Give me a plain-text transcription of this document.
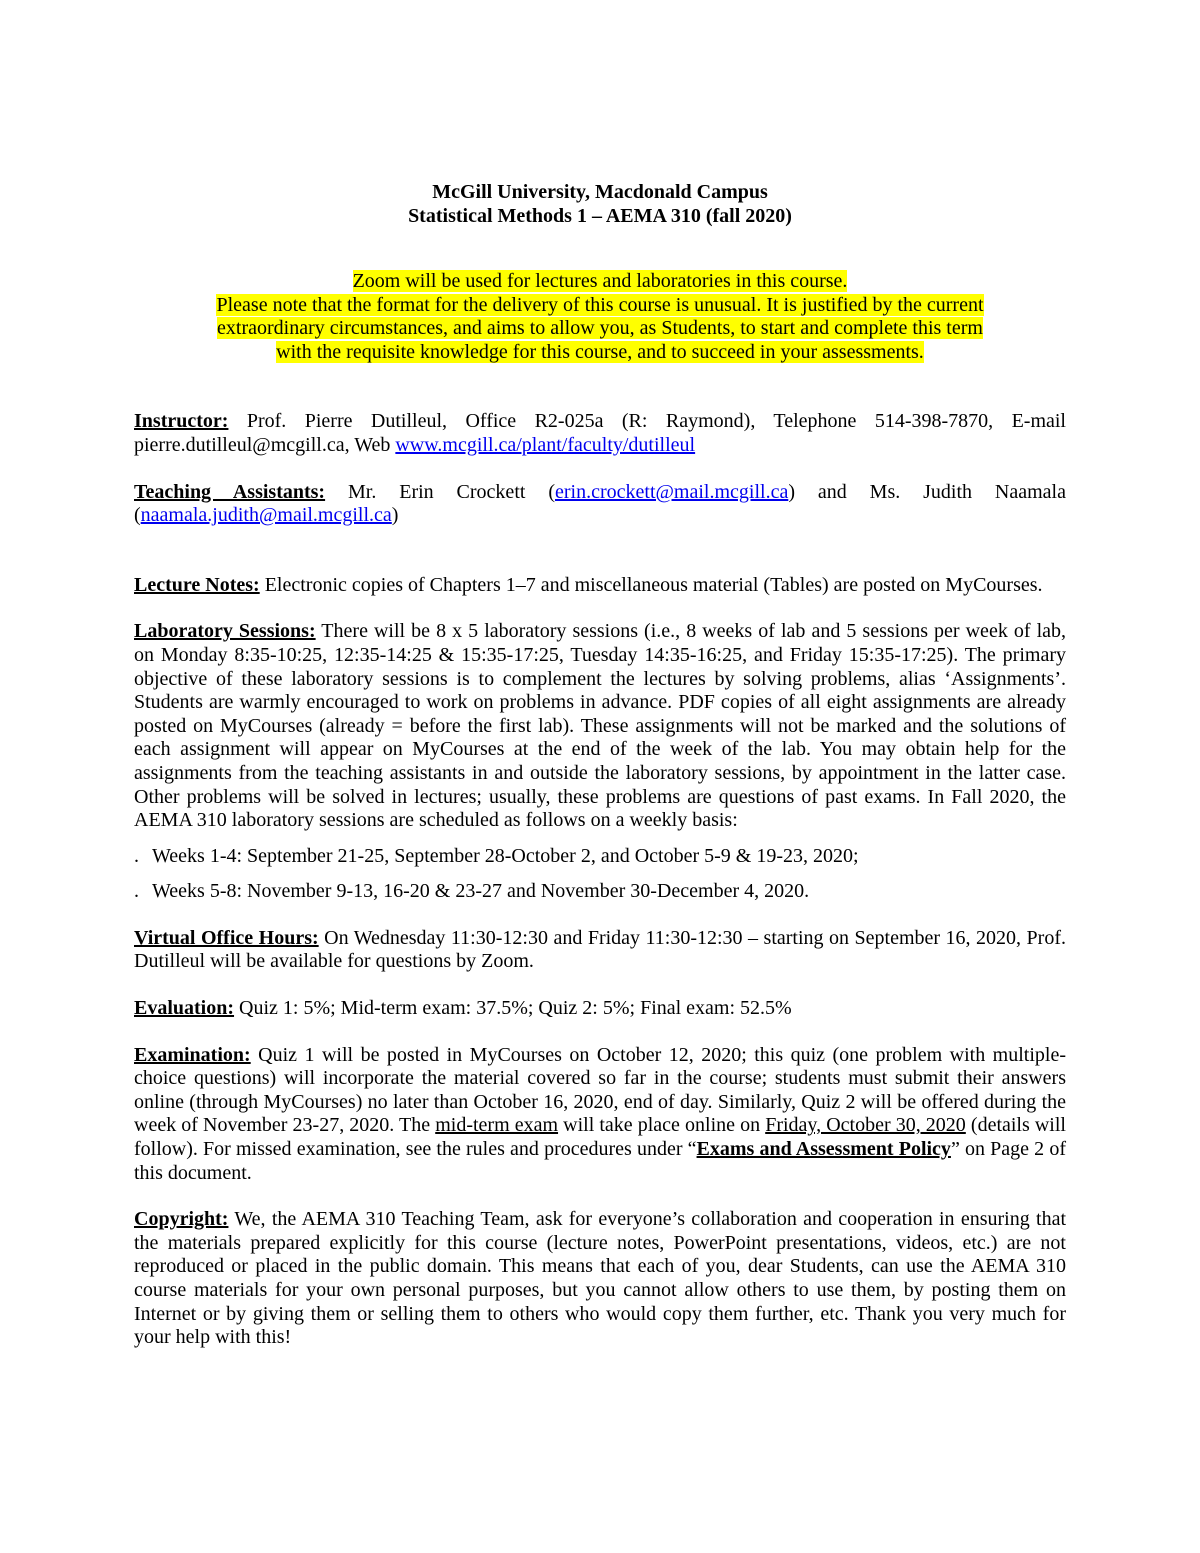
McGill University, Macdonald Campus
Statistical Methods 1 – AEMA 310 (fall 2020)
Zoom will be used for lectures and laboratories in this course.
Please note that the format for the delivery of this course is unusual. It is justified by the current
extraordinary circumstances, and aims to allow you, as Students, to start and complete this term
with the requisite knowledge for this course, and to succeed in your assessments.

Instructor: Prof. Pierre Dutilleul, Office R2-025a (R: Raymond), Telephone 514-398-7870, E-mail pierre.dutilleul@mcgill.ca, Web www.mcgill.ca/plant/faculty/dutilleul

Teaching Assistants: Mr. Erin Crockett (erin.crockett@mail.mcgill.ca) and Ms. Judith Naamala (naamala.judith@mail.mcgill.ca)

Lecture Notes: Electronic copies of Chapters 1–7 and miscellaneous material (Tables) are posted on MyCourses.

Laboratory Sessions: There will be 8 x 5 laboratory sessions (i.e., 8 weeks of lab and 5 sessions per week of lab, on Monday 8:35-10:25, 12:35-14:25 & 15:35-17:25, Tuesday 14:35-16:25, and Friday 15:35-17:25). The primary objective of these laboratory sessions is to complement the lectures by solving problems, alias ‘Assignments’. Students are warmly encouraged to work on problems in advance. PDF copies of all eight assignments are already posted on MyCourses (already = before the first lab). These assignments will not be marked and the solutions of each assignment will appear on MyCourses at the end of the week of the lab. You may obtain help for the assignments from the teaching assistants in and outside the laboratory sessions, by appointment in the latter case. Other problems will be solved in lectures; usually, these problems are questions of past exams. In Fall 2020, the AEMA 310 laboratory sessions are scheduled as follows on a weekly basis:

. Weeks 1-4: September 21-25, September 28-October 2, and October 5-9 & 19-23, 2020;

. Weeks 5-8: November 9-13, 16-20 & 23-27 and November 30-December 4, 2020.

Virtual Office Hours: On Wednesday 11:30-12:30 and Friday 11:30-12:30 – starting on September 16, 2020, Prof. Dutilleul will be available for questions by Zoom.

Evaluation: Quiz 1: 5%; Mid-term exam: 37.5%; Quiz 2: 5%; Final exam: 52.5%

Examination: Quiz 1 will be posted in MyCourses on October 12, 2020; this quiz (one problem with multiple-choice questions) will incorporate the material covered so far in the course; students must submit their answers online (through MyCourses) no later than October 16, 2020, end of day. Similarly, Quiz 2 will be offered during the week of November 23-27, 2020. The mid-term exam will take place online on Friday, October 30, 2020 (details will follow). For missed examination, see the rules and procedures under “Exams and Assessment Policy” on Page 2 of this document.

Copyright: We, the AEMA 310 Teaching Team, ask for everyone’s collaboration and cooperation in ensuring that the materials prepared explicitly for this course (lecture notes, PowerPoint presentations, videos, etc.) are not reproduced or placed in the public domain. This means that each of you, dear Students, can use the AEMA 310 course materials for your own personal purposes, but you cannot allow others to use them, by posting them on Internet or by giving them or selling them to others who would copy them further, etc. Thank you very much for your help with this!
